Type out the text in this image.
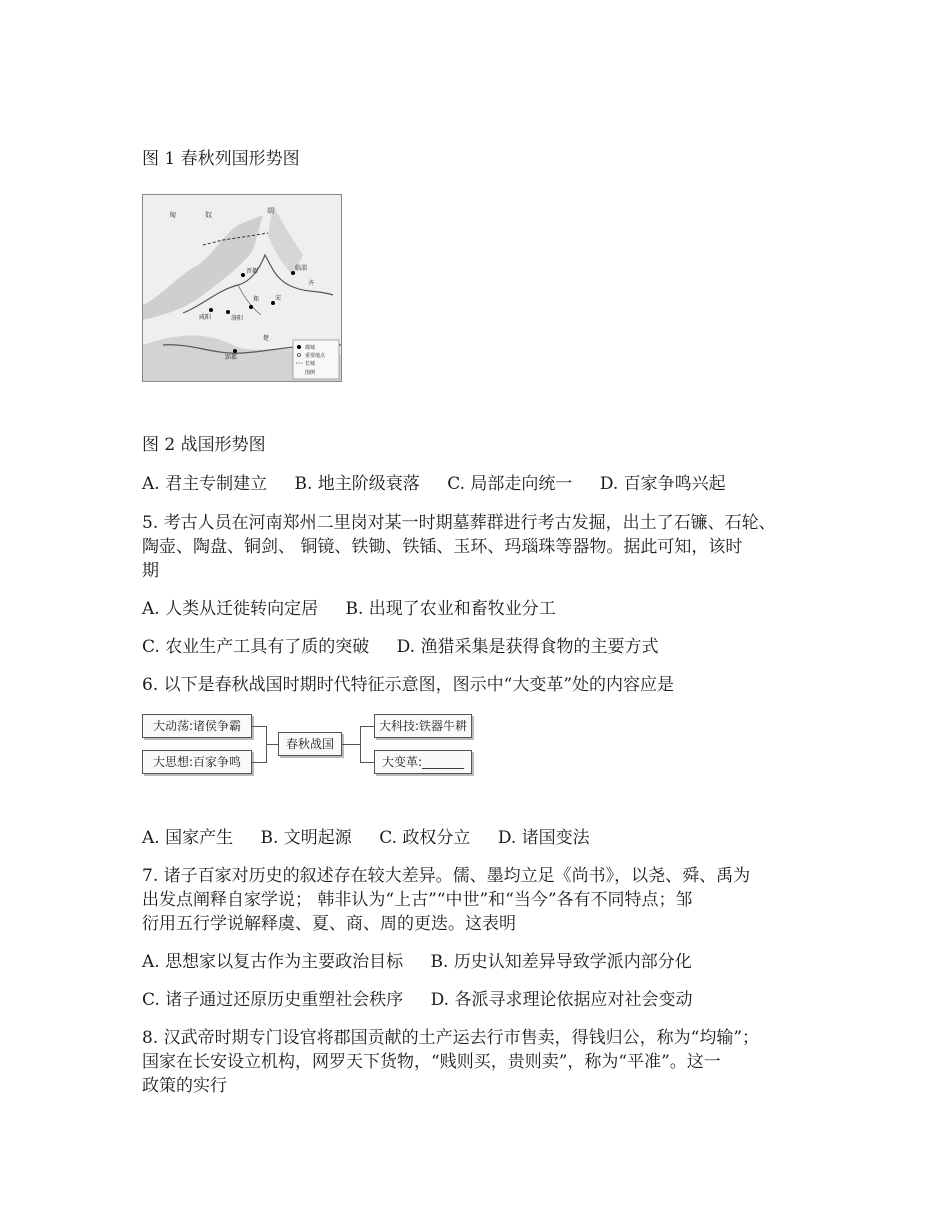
图 1 春秋列国形势图
匈	奴	胡
晋都
郑
洛阳
咸阳
宋
临淄
郢都
齐
楚
都城
重要地点
长城
图例
图 2 战国形势图
A. 君主专制建立 B. 地主阶级衰落 C. 局部走向统一 D. 百家争鸣兴起
5. 考古人员在河南郑州二里岗对某一时期墓葬群进行考古发掘，出土了石镰、石轮、
陶壶、陶盘、铜剑、 铜镜、铁锄、铁锸、玉环、玛瑙珠等器物。据此可知，该时
期
A. 人类从迁徙转向定居 B. 出现了农业和畜牧业分工
C. 农业生产工具有了质的突破 D. 渔猎采集是获得食物的主要方式
6. 以下是春秋战国时期时代特征示意图，图示中“大变革”处的内容应是
大动荡:诸侯争霸
大思想:百家争鸣
春秋战国
大科技:铁器牛耕
大变革:_______
A. 国家产生 B. 文明起源 C. 政权分立 D. 诸国变法
7. 诸子百家对历史的叙述存在较大差异。儒、墨均立足《尚书》，以尧、舜、禹为
出发点阐释自家学说； 韩非认为“上古”“中世”和“当今”各有不同特点；邹
衍用五行学说解释虞、夏、商、周的更迭。这表明
A. 思想家以复古作为主要政治目标 B. 历史认知差异导致学派内部分化
C. 诸子通过还原历史重塑社会秩序 D. 各派寻求理论依据应对社会变动
8. 汉武帝时期专门设官将郡国贡献的土产运去行市售卖，得钱归公，称为“均输”；
国家在长安设立机构，网罗天下货物，“贱则买，贵则卖”，称为“平准”。这一
政策的实行
